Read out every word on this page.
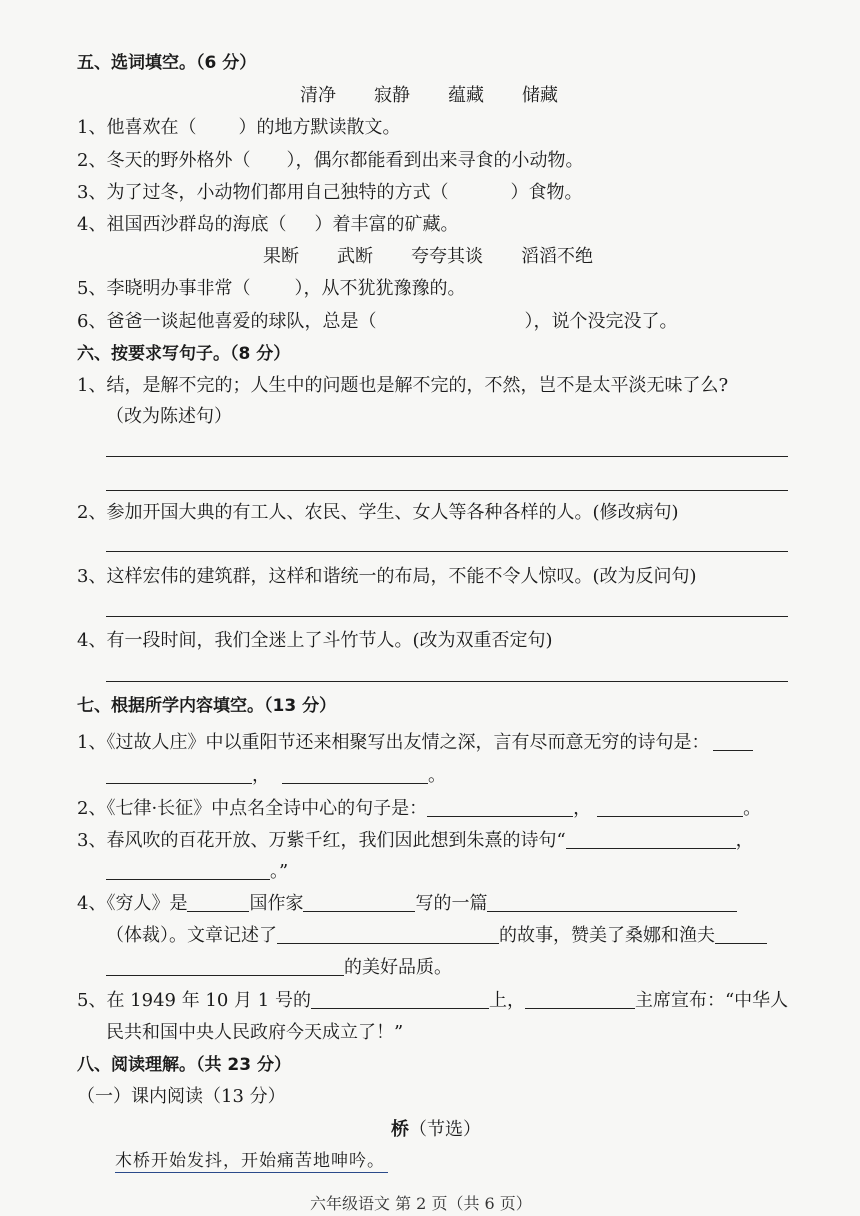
五、选词填空。（6 分）
清净 寂静 蕴藏 储藏
1、他喜欢在（ ）的地方默读散文。
2、冬天的野外格外（ ），偶尔都能看到出来寻食的小动物。
3、为了过冬，小动物们都用自己独特的方式（	）食物。
4、祖国西沙群岛的海底（ ）着丰富的矿藏。
果断 武断 夸夸其谈 滔滔不绝
5、李晓明办事非常（ ），从不犹犹豫豫的。
6、爸爸一谈起他喜爱的球队，总是（	），说个没完没了。
六、按要求写句子。（8 分）
1、结，是解不完的；人生中的问题也是解不完的，不然，岂不是太平淡无味了么?
（改为陈述句）
2、参加开国大典的有工人、农民、学生、女人等各种各样的人。(修改病句)
3、这样宏伟的建筑群，这样和谐统一的布局，不能不令人惊叹。(改为反问句)
4、有一段时间，我们全迷上了斗竹节人。(改为双重否定句)
七、根据所学内容填空。（13 分）
1、《过故人庄》中以重阳节还来相聚写出友情之深，言有尽而意无穷的诗句是：
，	。
2、《七律·长征》中点名全诗中心的句子是：	，	。
3、春风吹的百花开放、万紫千红，我们因此想到朱熹的诗句“	，
。”
4、《穷人》是	国作家	写的一篇
（体裁）。文章记述了	的故事，赞美了桑娜和渔夫
的美好品质。
5、在 1949 年 10 月 1 号的	上，	主席宣布：“中华人
民共和国中央人民政府今天成立了！”
八、阅读理解。（共 23 分）
（一）课内阅读（13 分）
桥（节选）
木桥开始发抖，开始痛苦地呻吟。
六年级语文 第 2 页（共 6 页）
